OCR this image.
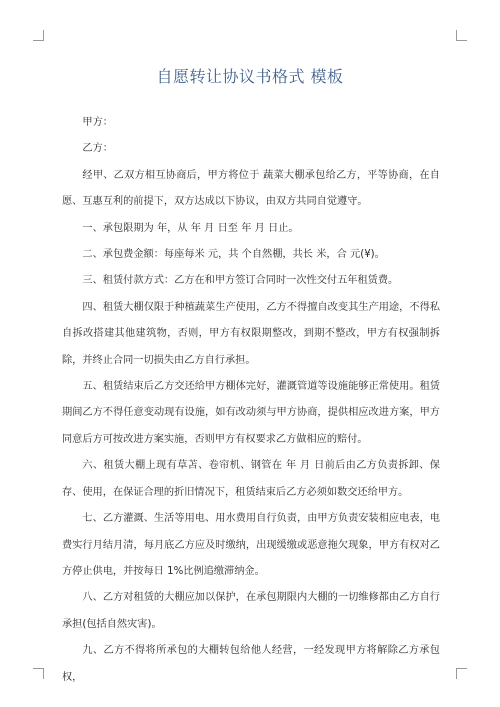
自愿转让协议书格式 模板

甲方：

乙方：

经甲、乙双方相互协商后，甲方将位于 蔬菜大棚承包给乙方，平等协商，在自愿、互惠互利的前提下，双方达成以下协议，由双方共同自觉遵守。

一、承包限期为 年，从 年 月 日至 年 月 日止。

二、承包费金额：每座每米 元，共 个自然棚，共长 米，合 元(¥)。

三、租赁付款方式：乙方在和甲方签订合同时一次性交付五年租赁费。

四、租赁大棚仅限于种植蔬菜生产使用，乙方不得擅自改变其生产用途，不得私自拆改搭建其他建筑物，否则，甲方有权限期整改，到期不整改，甲方有权强制拆除，并终止合同一切损失由乙方自行承担。

五、租赁结束后乙方交还给甲方棚体完好，灌溉管道等设施能够正常使用。租赁期间乙方不得任意变动现有设施，如有改动须与甲方协商，提供相应改进方案，甲方同意后方可按改进方案实施，否则甲方有权要求乙方做相应的赔付。

六、租赁大棚上现有草苫、卷帘机、钢管在 年 月 日前后由乙方负责拆卸、保存、使用，在保证合理的折旧情况下，租赁结束后乙方必须如数交还给甲方。

七、乙方灌溉、生活等用电、用水费用自行负责，由甲方负责安装相应电表，电费实行月结月清，每月底乙方应及时缴纳，出现缓缴或恶意拖欠现象，甲方有权对乙方停止供电，并按每日 1%比例追缴滞纳金。

八、乙方对租赁的大棚应加以保护，在承包期限内大棚的一切维修都由乙方自行承担(包括自然灾害)。

九、乙方不得将所承包的大棚转包给他人经营，一经发现甲方将解除乙方承包权，
